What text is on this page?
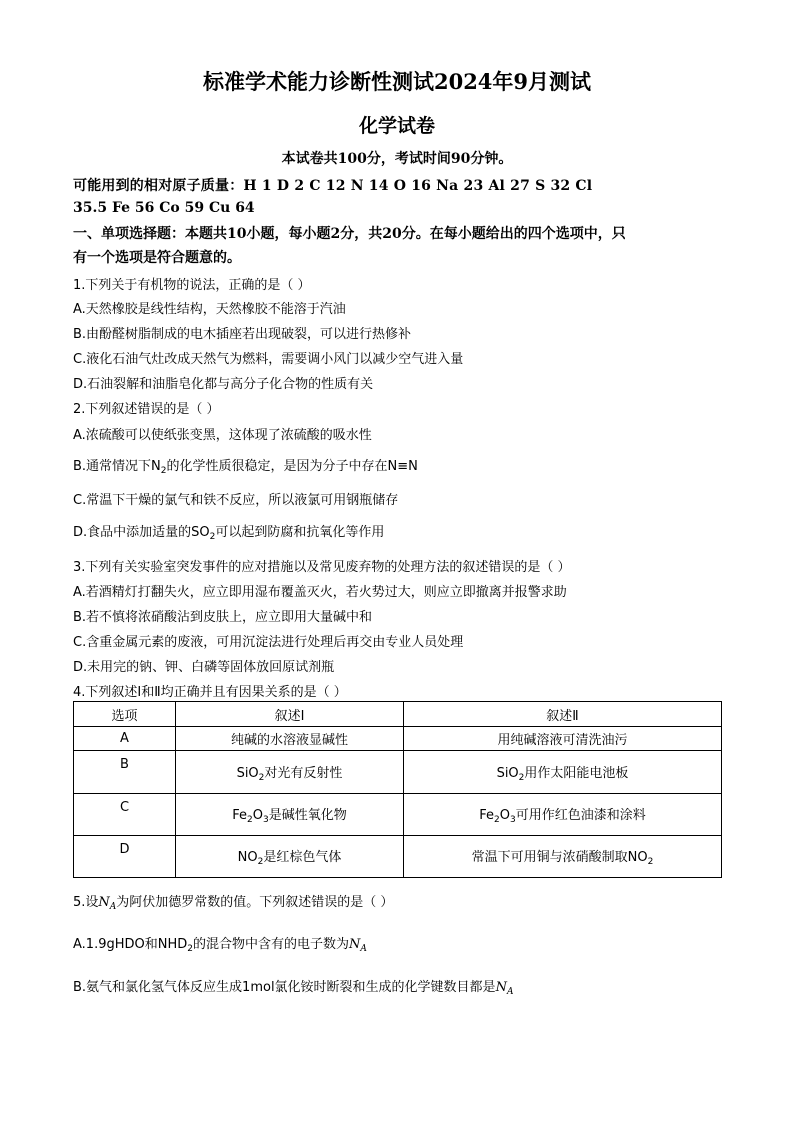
标准学术能力诊断性测试2024年9月测试
化学试卷
本试卷共100分，考试时间90分钟。
可能用到的相对原子质量：H 1 D 2 C 12 N 14 O 16 Na 23 Al 27 S 32 Cl
35.5 Fe 56 Co 59 Cu 64
一、单项选择题：本题共10小题，每小题2分，共20分。在每小题给出的四个选项中，只
有一个选项是符合题意的。
1.下列关于有机物的说法，正确的是（ ）
A.天然橡胶是线性结构，天然橡胶不能溶于汽油
B.由酚醛树脂制成的电木插座若出现破裂，可以进行热修补
C.液化石油气灶改成天然气为燃料，需要调小风门以减少空气进入量
D.石油裂解和油脂皂化都与高分子化合物的性质有关
2.下列叙述错误的是（ ）
A.浓硫酸可以使纸张变黑，这体现了浓硫酸的吸水性
B.通常情况下$N_2$的化学性质很稳定，是因为分子中存在N≡N
C.常温下干燥的氯气和铁不反应，所以液氯可用钢瓶储存
D.食品中添加适量的$SO_2$可以起到防腐和抗氧化等作用
3.下列有关实验室突发事件的应对措施以及常见废弃物的处理方法的叙述错误的是（ ）
A.若酒精灯打翻失火，应立即用湿布覆盖灭火，若火势过大，则应立即撤离并报警求助
B.若不慎将浓硝酸沾到皮肤上，应立即用大量碱中和
C.含重金属元素的废液，可用沉淀法进行处理后再交由专业人员处理
D.未用完的钠、钾、白磷等固体放回原试剂瓶
4.下列叙述Ⅰ和Ⅱ均正确并且有因果关系的是（ ）
选项	叙述Ⅰ	叙述Ⅱ
A	纯碱的水溶液显碱性	用纯碱溶液可清洗油污
B	SiO$_2$对光有反射性	SiO$_2$用作太阳能电池板
C	$Fe_2O_3$是碱性氧化物	$Fe_2O_3$可用作红色油漆和涂料
D	$NO_2$是红棕色气体	常温下可用铜与浓硝酸制取$NO_2$
5.设$N_A$为阿伏加德罗常数的值。下列叙述错误的是（ ）
A.1.9gHDO和$NHD_2$的混合物中含有的电子数为$N_A$
B.氨气和氯化氢气体反应生成1mol氯化铵时断裂和生成的化学键数目都是$N_A$
